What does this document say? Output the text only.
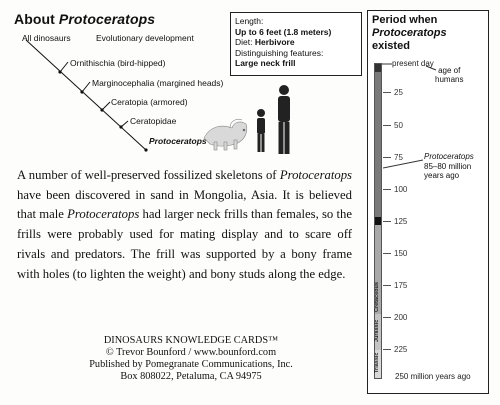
About Protoceratops
All dinosaurs	Evolutionary development
Ornithischia (bird-hipped)
Marginocephalia (margined heads)
Ceratopia (armored)
Ceratopidae
Protoceratops
Length:
Up to 6 feet (1.8 meters)
Diet: Herbivore
Distinguishing features:
Large neck frill
A number of well-preserved fossilized skeletons of Protoceratops have been discovered in sand in Mongolia, Asia. It is believed that male Protoceratops had larger neck frills than females, so the frills were probably used for mating display and to scare off rivals and predators. The frill was supported by a bony frame with holes (to lighten the weight) and bony studs along the edge.
DINOSAURS KNOWLEDGE CARDS™
© Trevor Bounford / www.bounford.com
Published by Pomegranate Communications, Inc.
Box 808022, Petaluma, CA 94975
Period when
Protoceratops
existed
Cretaceous
Jurassic
Triassic
present day
age of
humans
25
50
75
100
125
150
175
200
225
Protoceratops
85–80 million
years ago
250 million years ago
